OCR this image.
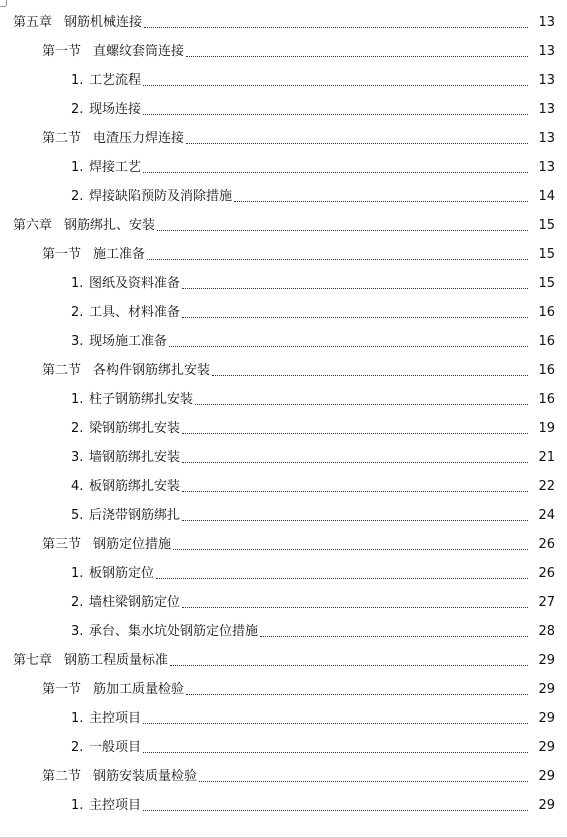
第五章 钢筋机械连接	13
第一节 直螺纹套筒连接	13
1. 工艺流程	13
2. 现场连接	13
第二节 电渣压力焊连接	13
1. 焊接工艺	13
2. 焊接缺陷预防及消除措施	14
第六章 钢筋绑扎、安装	15
第一节 施工准备	15
1. 图纸及资料准备	15
2. 工具、材料准备	16
3. 现场施工准备	16
第二节 各构件钢筋绑扎安装	16
1. 柱子钢筋绑扎安装	16
2. 梁钢筋绑扎安装	19
3. 墙钢筋绑扎安装	21
4. 板钢筋绑扎安装	22
5. 后浇带钢筋绑扎	24
第三节 钢筋定位措施	26
1. 板钢筋定位	26
2. 墙柱梁钢筋定位	27
3. 承台、集水坑处钢筋定位措施	28
第七章 钢筋工程质量标准	29
第一节 筋加工质量检验	29
1. 主控项目	29
2. 一般项目	29
第二节 钢筋安装质量检验	29
1. 主控项目	29
